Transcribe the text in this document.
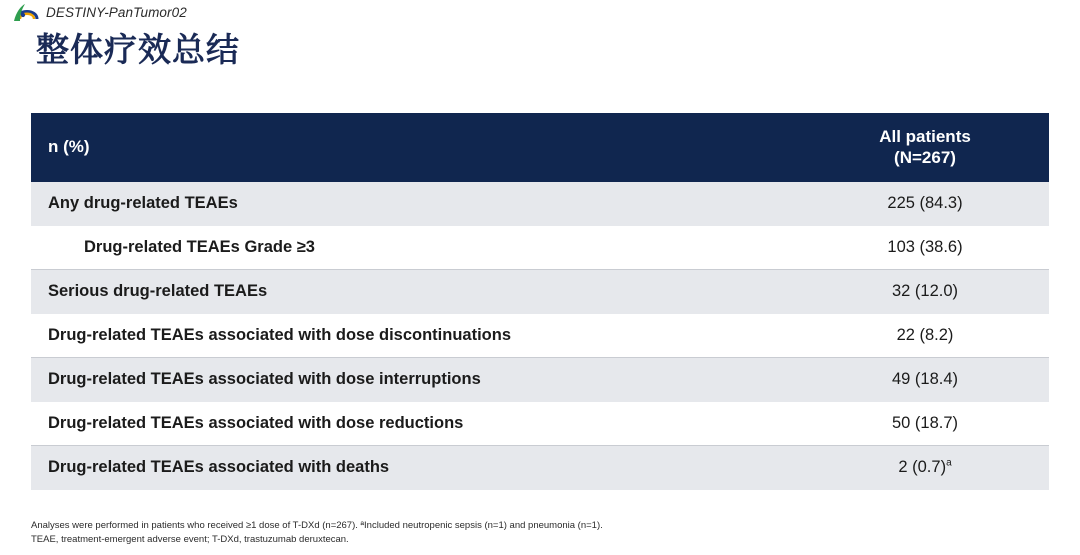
DESTINY-PanTumor02
整体疗效总结
n (%)	All patients
(N=267)
Any drug-related TEAEs	225 (84.3)
Drug-related TEAEs Grade ≥3	103 (38.6)
Serious drug-related TEAEs	32 (12.0)
Drug-related TEAEs associated with dose discontinuations	22 (8.2)
Drug-related TEAEs associated with dose interruptions	49 (18.4)
Drug-related TEAEs associated with dose reductions	50 (18.7)
Drug-related TEAEs associated with deaths	2 (0.7)$^a$
Analyses were performed in patients who received ≥1 dose of T-DXd (n=267). ªIncluded neutropenic sepsis (n=1) and pneumonia (n=1).
TEAE, treatment-emergent adverse event; T-DXd, trastuzumab deruxtecan.
